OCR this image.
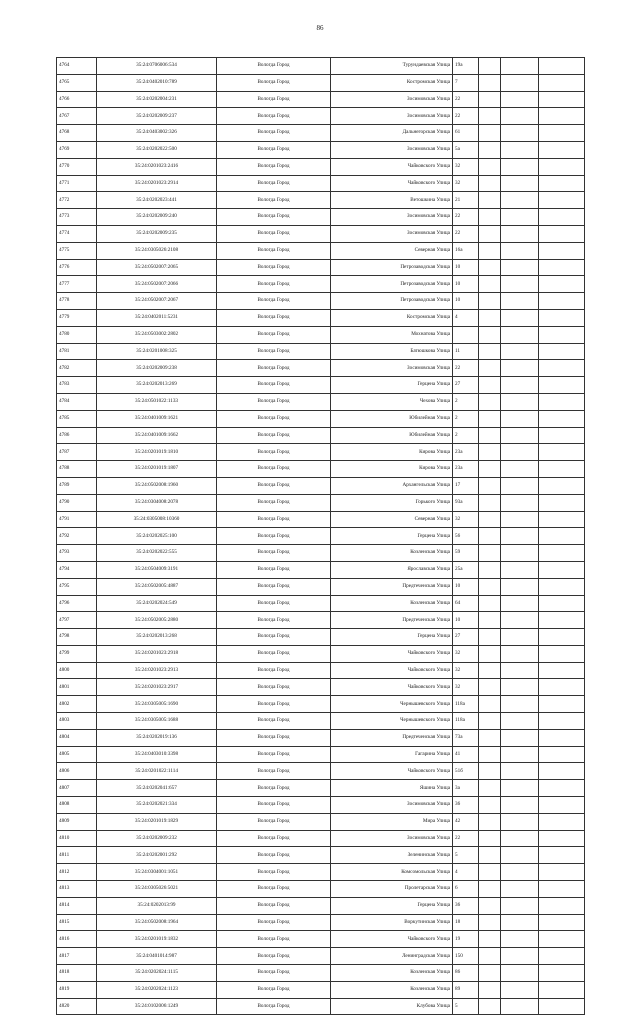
86
4764	35:24:0706006:534	Вологда Город	Турундаевская Улица	19a			
4765	35:24:0402010:789	Вологда Город	Костромская Улица	7			
4766	35:24:0202004:231	Вологда Город	Зосимовская Улица	22			
4767	35:24:0202009:237	Вологда Город	Зосимовская Улица	22			
4768	35:24:0403002:326	Вологда Город	Дальнегорская Улица	61			
4769	35:24:0202022:500	Вологда Город	Зосимовская Улица	5a			
4770	35:24:0201023:2416	Вологда Город	Чайковского Улица	32			
4771	35:24:0201023:2914	Вологда Город	Чайковского Улица	32			
4772	35:24:0202023:441	Вологда Город	Ветошкина Улица	21			
4773	35:24:0202009:240	Вологда Город	Зосимовская Улица	22			
4774	35:24:0202009:235	Вологда Город	Зосимовская Улица	22			
4775	35:24:0305026:2108	Вологда Город	Северная Улица	16a			
4776	35:24:0502007:2065	Вологда Город	Петрозаводская Улица	10			
4777	35:24:0502007:2066	Вологда Город	Петрозаводская Улица	10			
4778	35:24:0502007:2067	Вологда Город	Петрозаводская Улица	10			
4779	35:24:0402011:5231	Вологда Город	Костромская Улица	4			
4780	35:24:0503002:2802	Вологда Город	Мохнатова Улица				
4781	35:24:0201008:325	Вологда Город	Батюшкова Улица	11			
4782	35:24:0202009:238	Вологда Город	Зосимовская Улица	22			
4783	35:24:0202013:269	Вологда Город	Герцена Улица	27			
4784	35:24:0501022:1133	Вологда Город	Чехова Улица	2			
4785	35:24:0401009:1621	Вологда Город	Юбилейная Улица	2			
4786	35:24:0401009:1662	Вологда Город	Юбилейная Улица	2			
4787	35:24:0201019:1810	Вологда Город	Кирова Улица	23a			
4788	35:24:0201019:1807	Вологда Город	Кирова Улица	23a			
4789	35:24:0502008:1960	Вологда Город	Архангельская Улица	17			
4790	35:24:0304008:2078	Вологда Город	Горького Улица	93a			
4791	35:24:0305008:10360	Вологда Город	Северная Улица	32			
4792	35:24:0202025:100	Вологда Город	Герцена Улица	56			
4793	35:24:0202022:555	Вологда Город	Козленская Улица	59			
4794	35:24:0504009:3191	Вологда Город	Ярославская Улица	25a			
4795	35:24:0502005:4887	Вологда Город	Предтеченская Улица	10			
4796	35:24:0202024:549	Вологда Город	Козленская Улица	64			
4797	35:24:0502005:2880	Вологда Город	Предтеченская Улица	10			
4798	35:24:0202013:268	Вологда Город	Герцена Улица	27			
4799	35:24:0201023:2918	Вологда Город	Чайковского Улица	32			
4800	35:24:0201023:2913	Вологда Город	Чайковского Улица	32			
4801	35:24:0201023:2917	Вологда Город	Чайковского Улица	32			
4802	35:24:0305005:1690	Вологда Город	Чернышевского Улица	118a			
4803	35:24:0305005:1688	Вологда Город	Чернышевского Улица	118a			
4804	35:24:0202019:136	Вологда Город	Предтеченская Улица	73a			
4805	35:24:0403010:3398	Вологда Город	Гагарина Улица	41			
4806	35:24:0201022:1114	Вологда Город	Чайковского Улица	51б			
4807	35:24:0202041:657	Вологда Город	Яшина Улица	3a			
4808	35:24:0202021:334	Вологда Город	Зосимовская Улица	36			
4809	35:24:0201019:1829	Вологда Город	Мира Улица	42			
4810	35:24:0202009:232	Вологда Город	Зосимовская Улица	22			
4811	35:24:0202001:292	Вологда Город	Зеленинская Улица	5			
4812	35:24:0304001:1051	Вологда Город	Комсомольская Улица	4			
4813	35:24:0305026:5021	Вологда Город	Пролетарская Улица	6			
4814	35:24:0202013:99	Вологда Город	Герцена Улица	36			
4815	35:24:0502008:1964	Вологда Город	Воркутинская Улица	18			
4816	35:24:0201019:1832	Вологда Город	Чайковского Улица	19			
4817	35:24:0401014:987	Вологда Город	Ленинградская Улица	150			
4818	35:24:0202024:1115	Вологда Город	Козленская Улица	86			
4819	35:24:0202024:1123	Вологда Город	Козленская Улица	89			
4820	35:24:0102006:1249	Вологда Город	Клубова Улица	5			
